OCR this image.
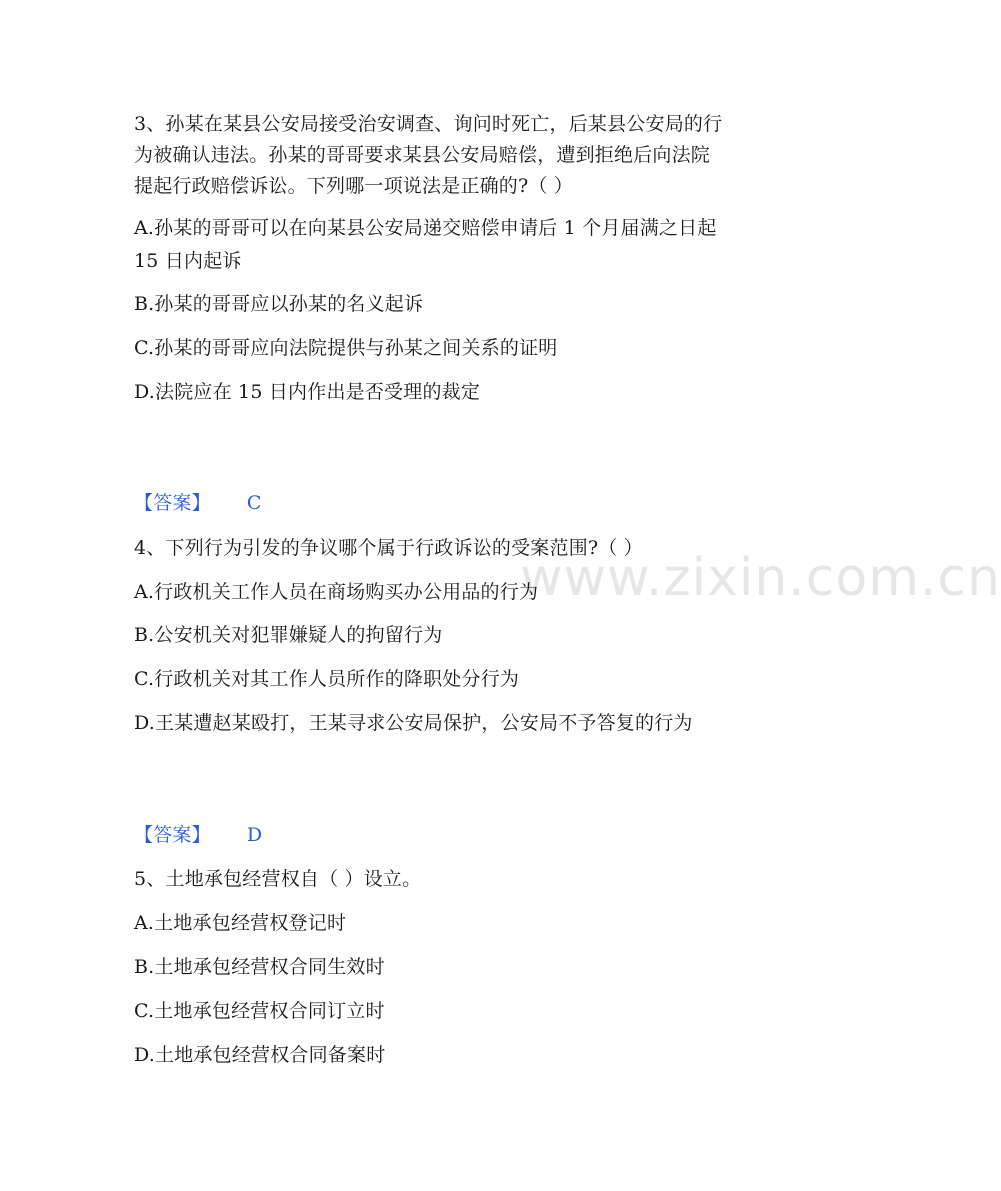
www.zixin.com.cn
3、孙某在某县公安局接受治安调查、询问时死亡，后某县公安局的行
为被确认违法。孙某的哥哥要求某县公安局赔偿，遭到拒绝后向法院
提起行政赔偿诉讼。下列哪一项说法是正确的?（ ）
A.孙某的哥哥可以在向某县公安局递交赔偿申请后 1 个月届满之日起
15 日内起诉
B.孙某的哥哥应以孙某的名义起诉
C.孙某的哥哥应向法院提供与孙某之间关系的证明
D.法院应在 15 日内作出是否受理的裁定
【答案】 C
4、下列行为引发的争议哪个属于行政诉讼的受案范围?（ ）
A.行政机关工作人员在商场购买办公用品的行为
B.公安机关对犯罪嫌疑人的拘留行为
C.行政机关对其工作人员所作的降职处分行为
D.王某遭赵某殴打，王某寻求公安局保护，公安局不予答复的行为
【答案】 D
5、土地承包经营权自（ ）设立。
A.土地承包经营权登记时
B.土地承包经营权合同生效时
C.土地承包经营权合同订立时
D.土地承包经营权合同备案时
